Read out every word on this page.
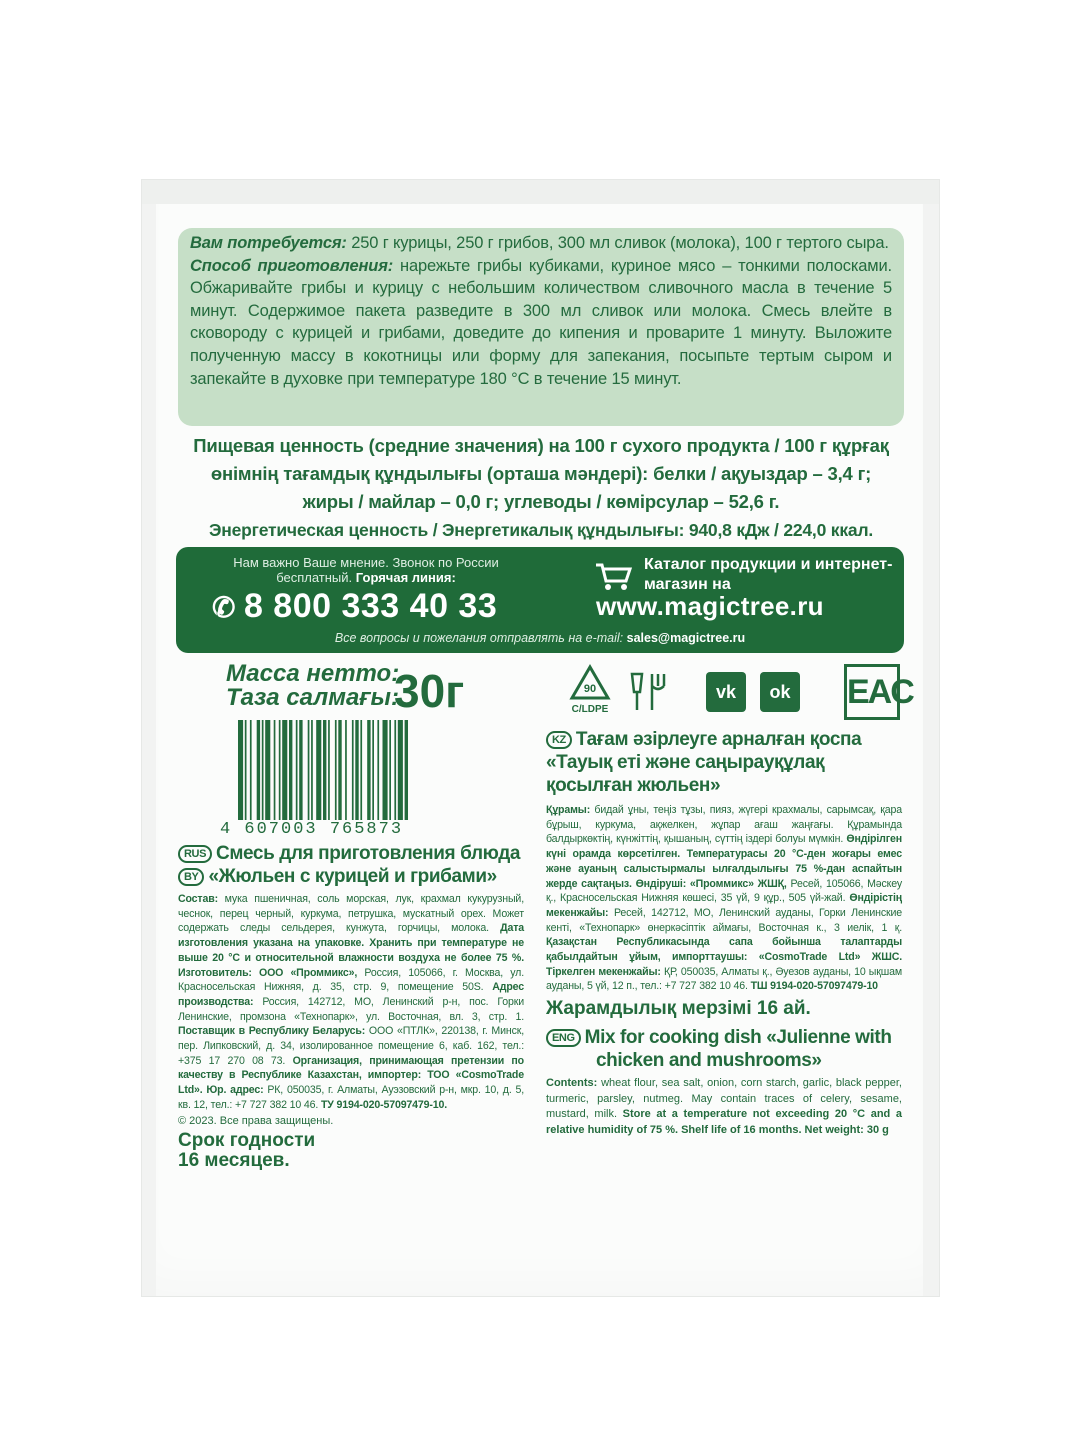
Вам потребуется: 250 г курицы, 250 г грибов, 300 мл сливок (молока), 100 г тертого сыра.

Способ приготовления: нарежьте грибы кубиками, куриное мясо – тонкими полосками. Обжаривайте грибы и курицу с небольшим количеством сливочного масла в течение 5 минут. Содержимое пакета разведите в 300 мл сливок или молока. Смесь влейте в сковороду с курицей и грибами, доведите до кипения и проварите 1 минуту. Выложите полученную массу в кокотницы или форму для запекания, посыпьте тертым сыром и запекайте в духовке при температуре 180 °С в течение 15 минут.

Пищевая ценность (средние значения) на 100 г сухого продукта / 100 г құрғақ
өнімнің тағамдық құндылығы (орташа мәндері): белки / ақуыздар – 3,4 г;
жиры / майлар – 0,0 г; углеводы / көмірсулар – 52,6 г.
Энергетическая ценность / Энергетикалық құндылығы: 940,8 кДж / 224,0 ккал.
Нам важно Ваше мнение. Звонок по России бесплатный. Горячая линия:
✆ 8 800 333 40 33
Каталог продукции и интернет-магазин на
www.magictree.ru
Все вопросы и пожелания отправлять на e-mail: sales@magictree.ru
Масса нетто:
Таза салмағы:
30г
4 607003 765873
90
C/LDPE
vk	ok EAC
KZ Тағам әзірлеуге арналған қоспа
«Тауық еті және саңырауқұлақ
қосылған жюльен»
Құрамы: бидай ұны, теңіз тұзы, пияз, жүгері крахмалы, сарымсақ, қара бұрыш, куркума, ақжелкен, жұпар ағаш жаңғағы. Құрамында балдыркөктің, күнжіттің, қышаның, сүттің іздері болуы мүмкін. Өндірілген күні орамда көрсетілген. Температурасы 20 °С-ден жоғары емес және ауаның салыстырмалы ылғалдылығы 75 %-дан аспайтын жерде сақтаңыз. Өндіруші: «Проммикс» ЖШҚ, Ресей, 105066, Мәскеу қ., Красносельская Нижняя көшесі, 35 үй, 9 құр., 505 үй-жай. Өндірістің мекенжайы: Ресей, 142712, МО, Ленинский ауданы, Горки Ленинские кенті, «Технопарк» өнеркәсіптік аймағы, Восточная к., 3 иелік, 1 қ. Қазақстан Республикасында сапа бойынша талаптарды қабылдайтын ұйым, импорттаушы: «CosmoTrade Ltd» ЖШС. Тіркелген мекенжайы: ҚР, 050035, Алматы қ., Әуезов ауданы, 10 ықшам ауданы, 5 үй, 12 п., тел.: +7 727 382 10 46. ТШ 9194-020-57097479-10
Жарамдылық мерзімі 16 ай.
ENG Mix for cooking dish «Julienne with
chicken and mushrooms»
Contents: wheat flour, sea salt, onion, corn starch, garlic, black pepper, turmeric, parsley, nutmeg. May contain traces of celery, sesame, mustard, milk. Store at a temperature not exceeding 20 °C and a relative humidity of 75 %. Shelf life of 16 months. Net weight: 30 g
RUS Смесь для приготовления блюда
BY «Жюльен с курицей и грибами»
Состав: мука пшеничная, соль морская, лук, крахмал кукурузный, чеснок, перец черный, куркума, петрушка, мускатный орех. Может содержать следы сельдерея, кунжута, горчицы, молока. Дата изготовления указана на упаковке. Хранить при температуре не выше 20 °С и относительной влажности воздуха не более 75 %. Изготовитель: ООО «Проммикс», Россия, 105066, г. Москва, ул. Красносельская Нижняя, д. 35, стр. 9, помещение 50S. Адрес производства: Россия, 142712, МО, Ленинский р-н, пос. Горки Ленинские, промзона «Технопарк», ул. Восточная, вл. 3, стр. 1. Поставщик в Республику Беларусь: ООО «ПТЛК», 220138, г. Минск, пер. Липковский, д. 34, изолированное помещение 6, каб. 162, тел.: +375 17 270 08 73. Организация, принимающая претензии по качеству в Республике Казахстан, импортер: ТОО «CosmoTrade Ltd». Юр. адрес: РК, 050035, г. Алматы, Ауэзовский р-н, мкр. 10, д. 5, кв. 12, тел.: +7 727 382 10 46. ТУ 9194-020-57097479-10.
© 2023. Все права защищены.
Срок годности
16 месяцев.
